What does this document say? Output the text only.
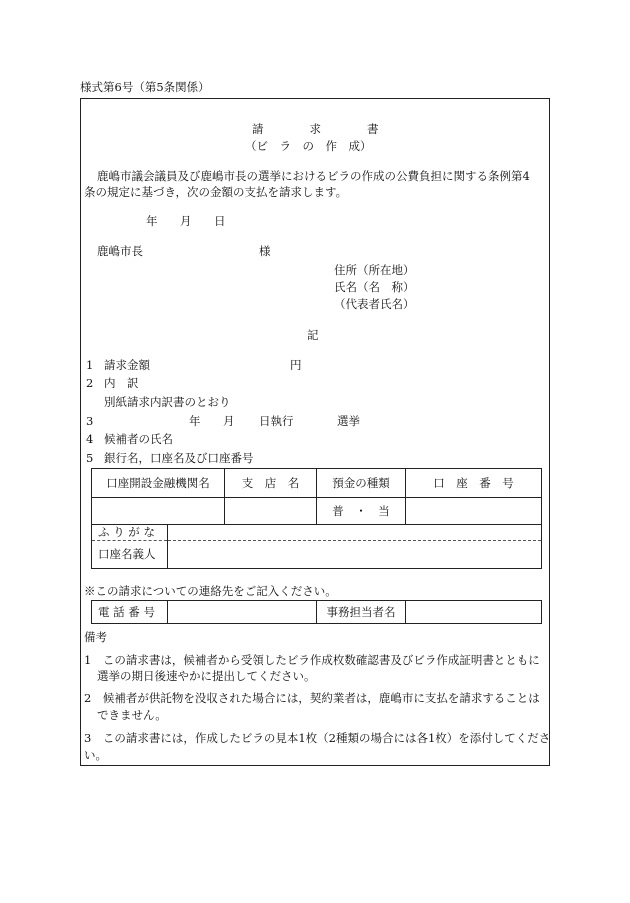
様式第6号（第5条関係）
請　　　　求　　　　書
（ビ　ラ　の　作　成）
鹿嶋市議会議員及び鹿嶋市長の選挙におけるビラの作成の公費負担に関する条例第4
条の規定に基づき，次の金額の支払を請求します。
年 月 日
鹿嶋市長	様
住所（所在地）
氏名（名　称）
（代表者氏名）
記
1 請求金額	円
2 内　訳
別紙請求内訳書のとおり
3	年 月 日執行	選挙
4 候補者の氏名
5 銀行名，口座名及び口座番号
口座開設金融機関名	支　店　名	預金の種類	口　座　番　号
		普　・　当	
ふ り が な	
口座名義人	
※この請求についての連絡先をご記入ください。
電 話 番 号		事務担当者名	
備考
1　この請求書は，候補者から受領したビラ作成枚数確認書及びビラ作成証明書とともに
選挙の期日後速やかに提出してください。
2　候補者が供託物を没収された場合には，契約業者は，鹿嶋市に支払を請求することは
できません。
3　この請求書には，作成したビラの見本1枚（2種類の場合には各1枚）を添付してくださ
い。
